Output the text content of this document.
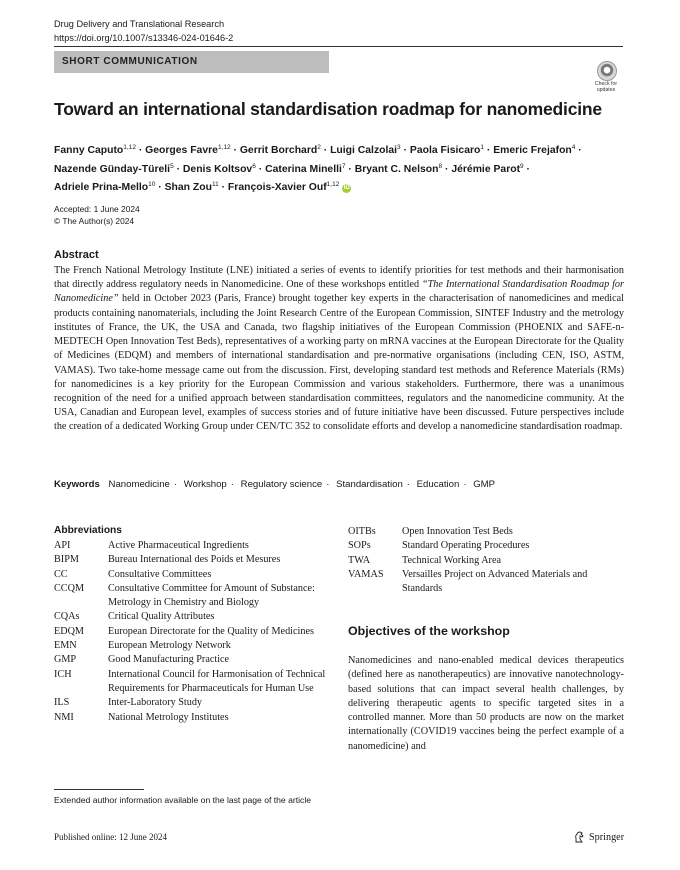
Drug Delivery and Translational Research
https://doi.org/10.1007/s13346-024-01646-2
SHORT COMMUNICATION
Check for updates
Toward an international standardisation roadmap for nanomedicine
Fanny Caputo$^{1,12}$ · Georges Favre$^{1,12}$ · Gerrit Borchard$^2$ · Luigi Calzolai$^3$ · Paola Fisicaro$^1$ · Emeric Frejafon$^4$ ·
Nazende Günday-Türeli$^5$ · Denis Koltsov$^6$ · Caterina Minelli$^7$ · Bryant C. Nelson$^8$ · Jérémie Parot$^9$ ·
Adriele Prina-Mello$^{10}$ · Shan Zou$^{11}$ · François-Xavier Ouf$^{1,12}$ iD
Accepted: 1 June 2024
© The Author(s) 2024
Abstract
The French National Metrology Institute (LNE) initiated a series of events to identify priorities for test methods and their harmonisation that directly address regulatory needs in Nanomedicine. One of these workshops entitled “The International Standardisation Roadmap for Nanomedicine” held in October 2023 (Paris, France) brought together key experts in the characterisation of nanomedicines and medical products containing nanomaterials, including the Joint Research Centre of the European Commission, SINTEF Industry and the metrology institutes of France, the UK, the USA and Canada, two flagship initiatives of the European Commission (PHOENIX and SAFE-n-MEDTECH Open Innovation Test Beds), representatives of a working party on mRNA vaccines at the European Directorate for the Quality of Medicines (EDQM) and members of international standardisation and pre-normative organisations (including CEN, ISO, ASTM, VAMAS). Two take-home message came out from the discussion. First, developing standard test methods and Reference Materials (RMs) for nanomedicines is a key priority for the European Commission and various stakeholders. Furthermore, there was a unanimous recognition of the need for a unified approach between standardisation committees, regulators and the nanomedicine community. At the USA, Canadian and European level, examples of success stories and of future initiative have been discussed. Future perspectives include the creation of a dedicated Working Group under CEN/TC 352 to consolidate efforts and develop a nanomedicine standardisation roadmap.
Keywords Nanomedicine · Workshop · Regulatory science · Standardisation · Education · GMP
Abbreviations
API	Active Pharmaceutical Ingredients
BIPM	Bureau International des Poids et Mesures
CC	Consultative Committees
CCQM	Consultative Committee for Amount of Substance: Metrology in Chemistry and Biology
CQAs	Critical Quality Attributes
EDQM	European Directorate for the Quality of Medicines
EMN	European Metrology Network
GMP	Good Manufacturing Practice
ICH	International Council for Harmonisation of Technical Requirements for Pharmaceuticals for Human Use
ILS	Inter-Laboratory Study
NMI	National Metrology Institutes
OITBs	Open Innovation Test Beds
SOPs	Standard Operating Procedures
TWA	Technical Working Area
VAMAS	Versailles Project on Advanced Materials and Standards
Objectives of the workshop
Nanomedicines and nano-enabled medical devices therapeutics (defined here as nanotherapeutics) are innovative nanotechnology-based solutions that can impact several health challenges, by delivering therapeutic agents to specific targeted sites in a controlled manner. More than 50 products are now on the market internationally (COVID19 vaccines being the perfect example of a nanomedicine) and
Extended author information available on the last page of the article
Published online: 12 June 2024	Springer
